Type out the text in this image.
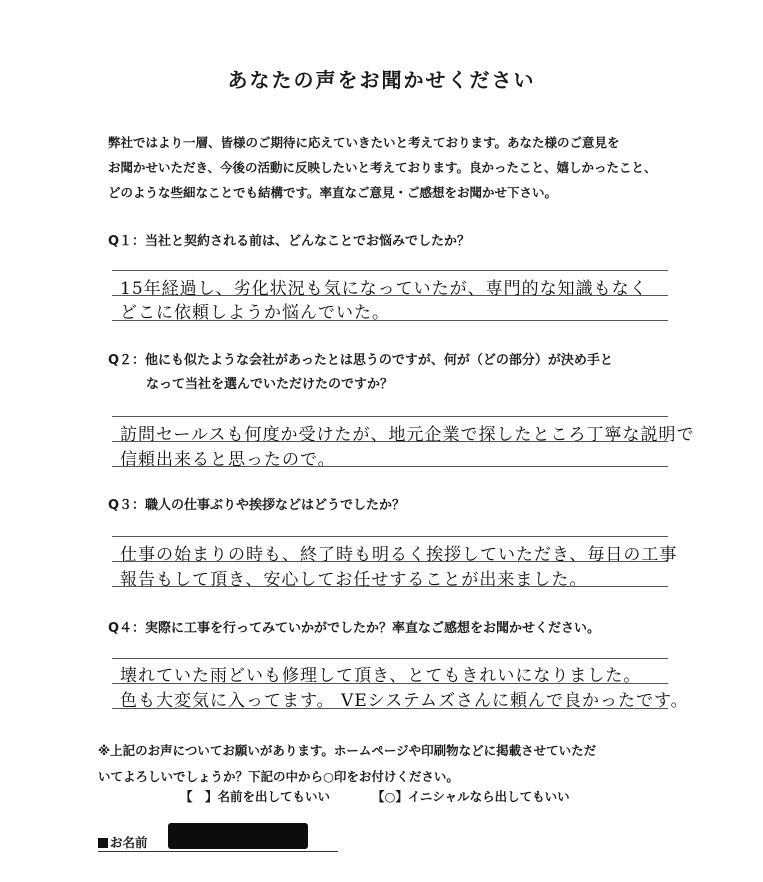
あなたの声をお聞かせください
弊社ではより一層、皆様のご期待に応えていきたいと考えております。あなた様のご意見を
お聞かせいただき、今後の活動に反映したいと考えております。良かったこと、嬉しかったこと、
どのような些細なことでも結構です。率直なご意見・ご感想をお聞かせ下さい。
Q１：当社と契約される前は、どんなことでお悩みでしたか？
15年経過し、劣化状況も気になっていたが、専門的な知識もなく
どこに依頼しようか悩んでいた。
Q２：他にも似たような会社があったとは思うのですが、何が（どの部分）が決め手と
なって当社を選んでいただけたのですか？
訪問セールスも何度か受けたが、地元企業で探したところ丁寧な説明で
信頼出来ると思ったので。
Q３：職人の仕事ぶりや挨拶などはどうでしたか？
仕事の始まりの時も、終了時も明るく挨拶していただき、毎日の工事
報告もして頂き、安心してお任せすることが出来ました。
Q４：実際に工事を行ってみていかがでしたか？率直なご感想をお聞かせください。
壊れていた雨どいも修理して頂き、とてもきれいになりました。
色も大変気に入ってます。 VEシステムズさんに頼んで良かったです。
※上記のお声についてお願いがあります。ホームページや印刷物などに掲載させていただ
いてよろしいでしょうか？下記の中から○印をお付けください。
【　】名前を出してもいい	【○】イニシャルなら出してもいい
お名前
